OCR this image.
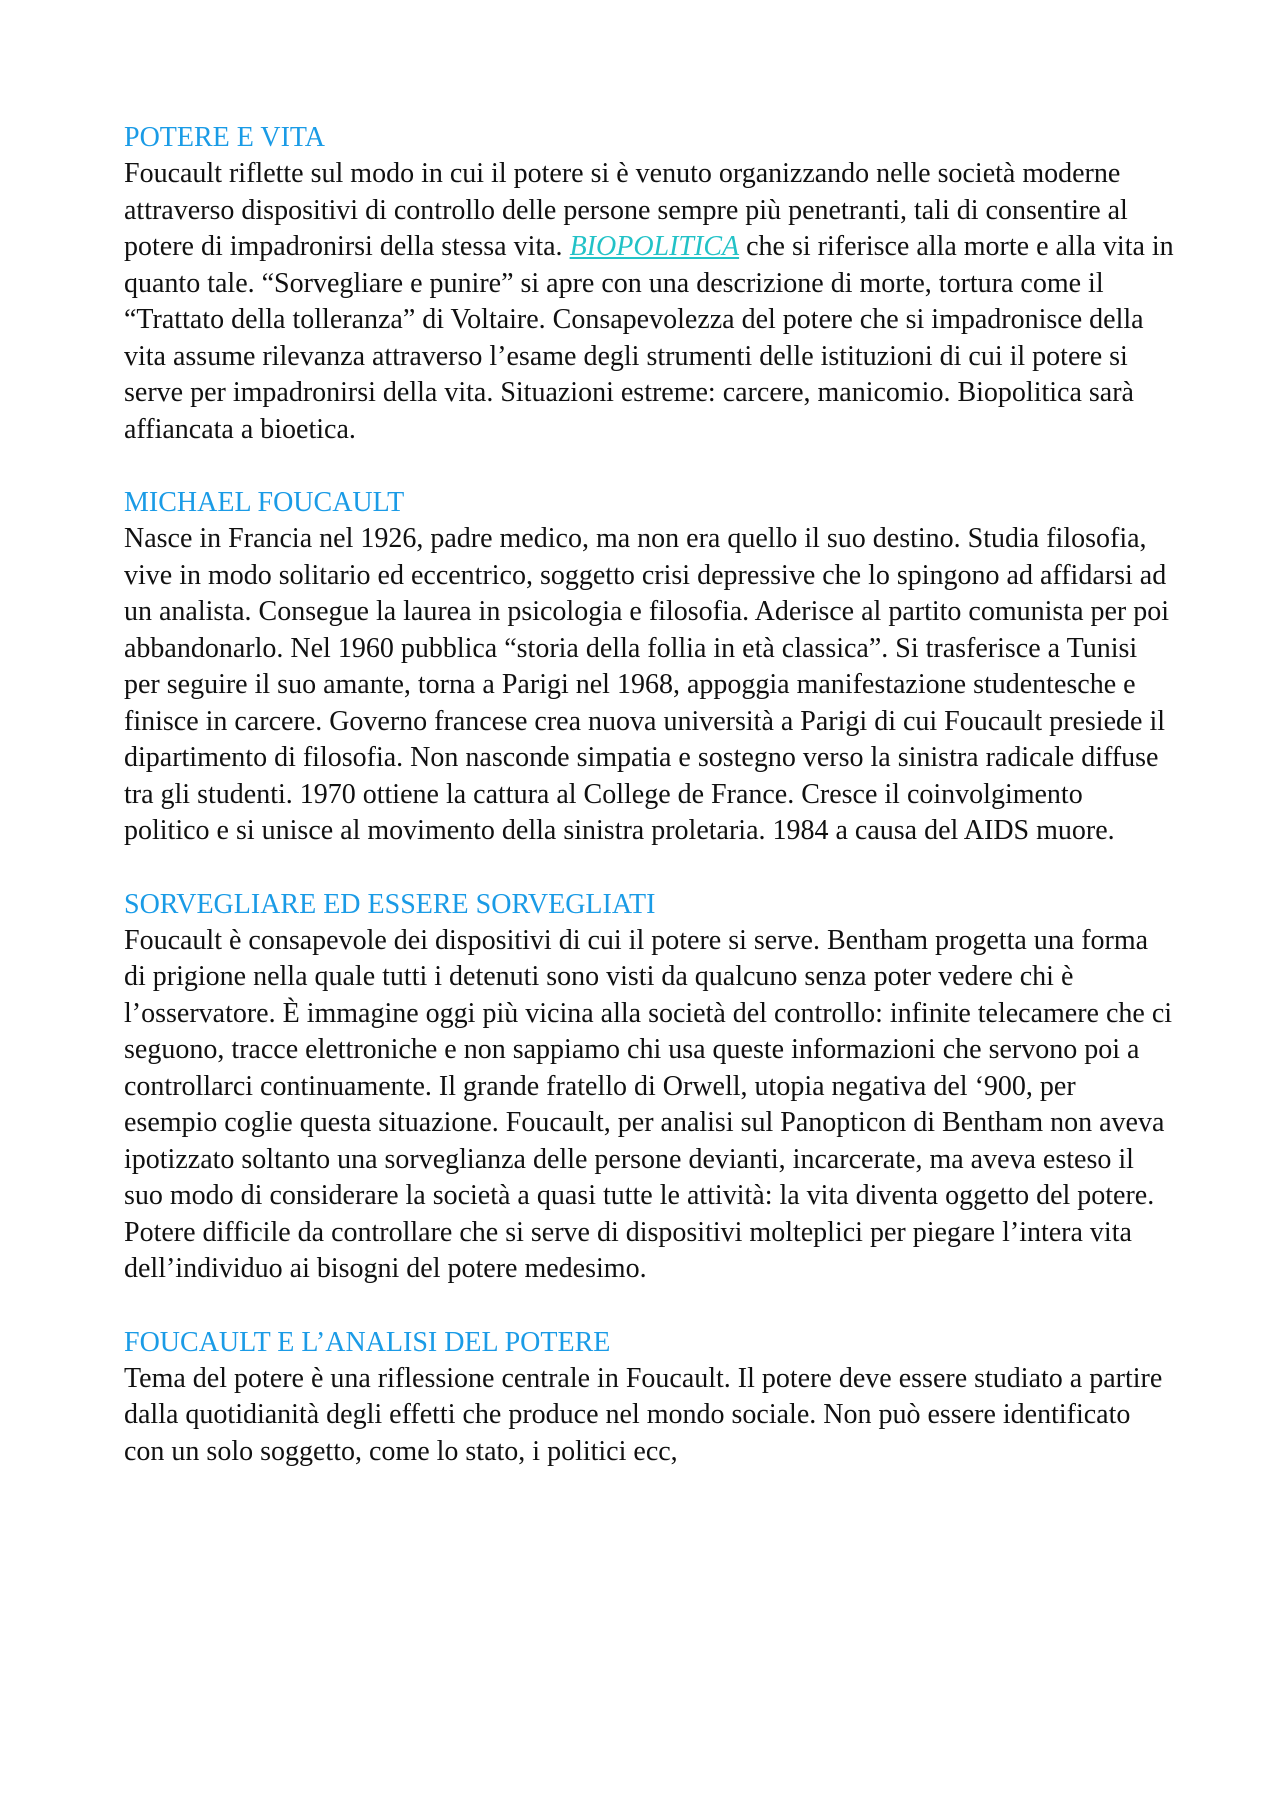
POTERE E VITA

Foucault riflette sul modo in cui il potere si è venuto organizzando nelle società moderne attraverso dispositivi di controllo delle persone sempre più penetranti, tali di consentire al potere di impadronirsi della stessa vita. BIOPOLITICA che si riferisce alla morte e alla vita in quanto tale. “Sorvegliare e punire” si apre con una descrizione di morte, tortura come il “Trattato della tolleranza” di Voltaire. Consapevolezza del potere che si impadronisce della vita assume rilevanza attraverso l’esame degli strumenti delle istituzioni di cui il potere si serve per impadronirsi della vita. Situazioni estreme: carcere, manicomio. Biopolitica sarà affiancata a bioetica.

MICHAEL FOUCAULT

Nasce in Francia nel 1926, padre medico, ma non era quello il suo destino. Studia filosofia, vive in modo solitario ed eccentrico, soggetto crisi depressive che lo spingono ad affidarsi ad un analista. Consegue la laurea in psicologia e filosofia. Aderisce al partito comunista per poi abbandonarlo. Nel 1960 pubblica “storia della follia in età classica”. Si trasferisce a Tunisi per seguire il suo amante, torna a Parigi nel 1968, appoggia manifestazione studentesche e finisce in carcere. Governo francese crea nuova università a Parigi di cui Foucault presiede il dipartimento di filosofia. Non nasconde simpatia e sostegno verso la sinistra radicale diffuse tra gli studenti. 1970 ottiene la cattura al College de France. Cresce il coinvolgimento politico e si unisce al movimento della sinistra proletaria. 1984 a causa del AIDS muore.

SORVEGLIARE ED ESSERE SORVEGLIATI

Foucault è consapevole dei dispositivi di cui il potere si serve. Bentham progetta una forma di prigione nella quale tutti i detenuti sono visti da qualcuno senza poter vedere chi è l’osservatore. È immagine oggi più vicina alla società del controllo: infinite telecamere che ci seguono, tracce elettroniche e non sappiamo chi usa queste informazioni che servono poi a controllarci continuamente. Il grande fratello di Orwell, utopia negativa del ‘900, per esempio coglie questa situazione. Foucault, per analisi sul Panopticon di Bentham non aveva ipotizzato soltanto una sorveglianza delle persone devianti, incarcerate, ma aveva esteso il suo modo di considerare la società a quasi tutte le attività: la vita diventa oggetto del potere. Potere difficile da controllare che si serve di dispositivi molteplici per piegare l’intera vita dell’individuo ai bisogni del potere medesimo.

FOUCAULT E L’ANALISI DEL POTERE

Tema del potere è una riflessione centrale in Foucault. Il potere deve essere studiato a partire dalla quotidianità degli effetti che produce nel mondo sociale. Non può essere identificato con un solo soggetto, come lo stato, i politici ecc,
